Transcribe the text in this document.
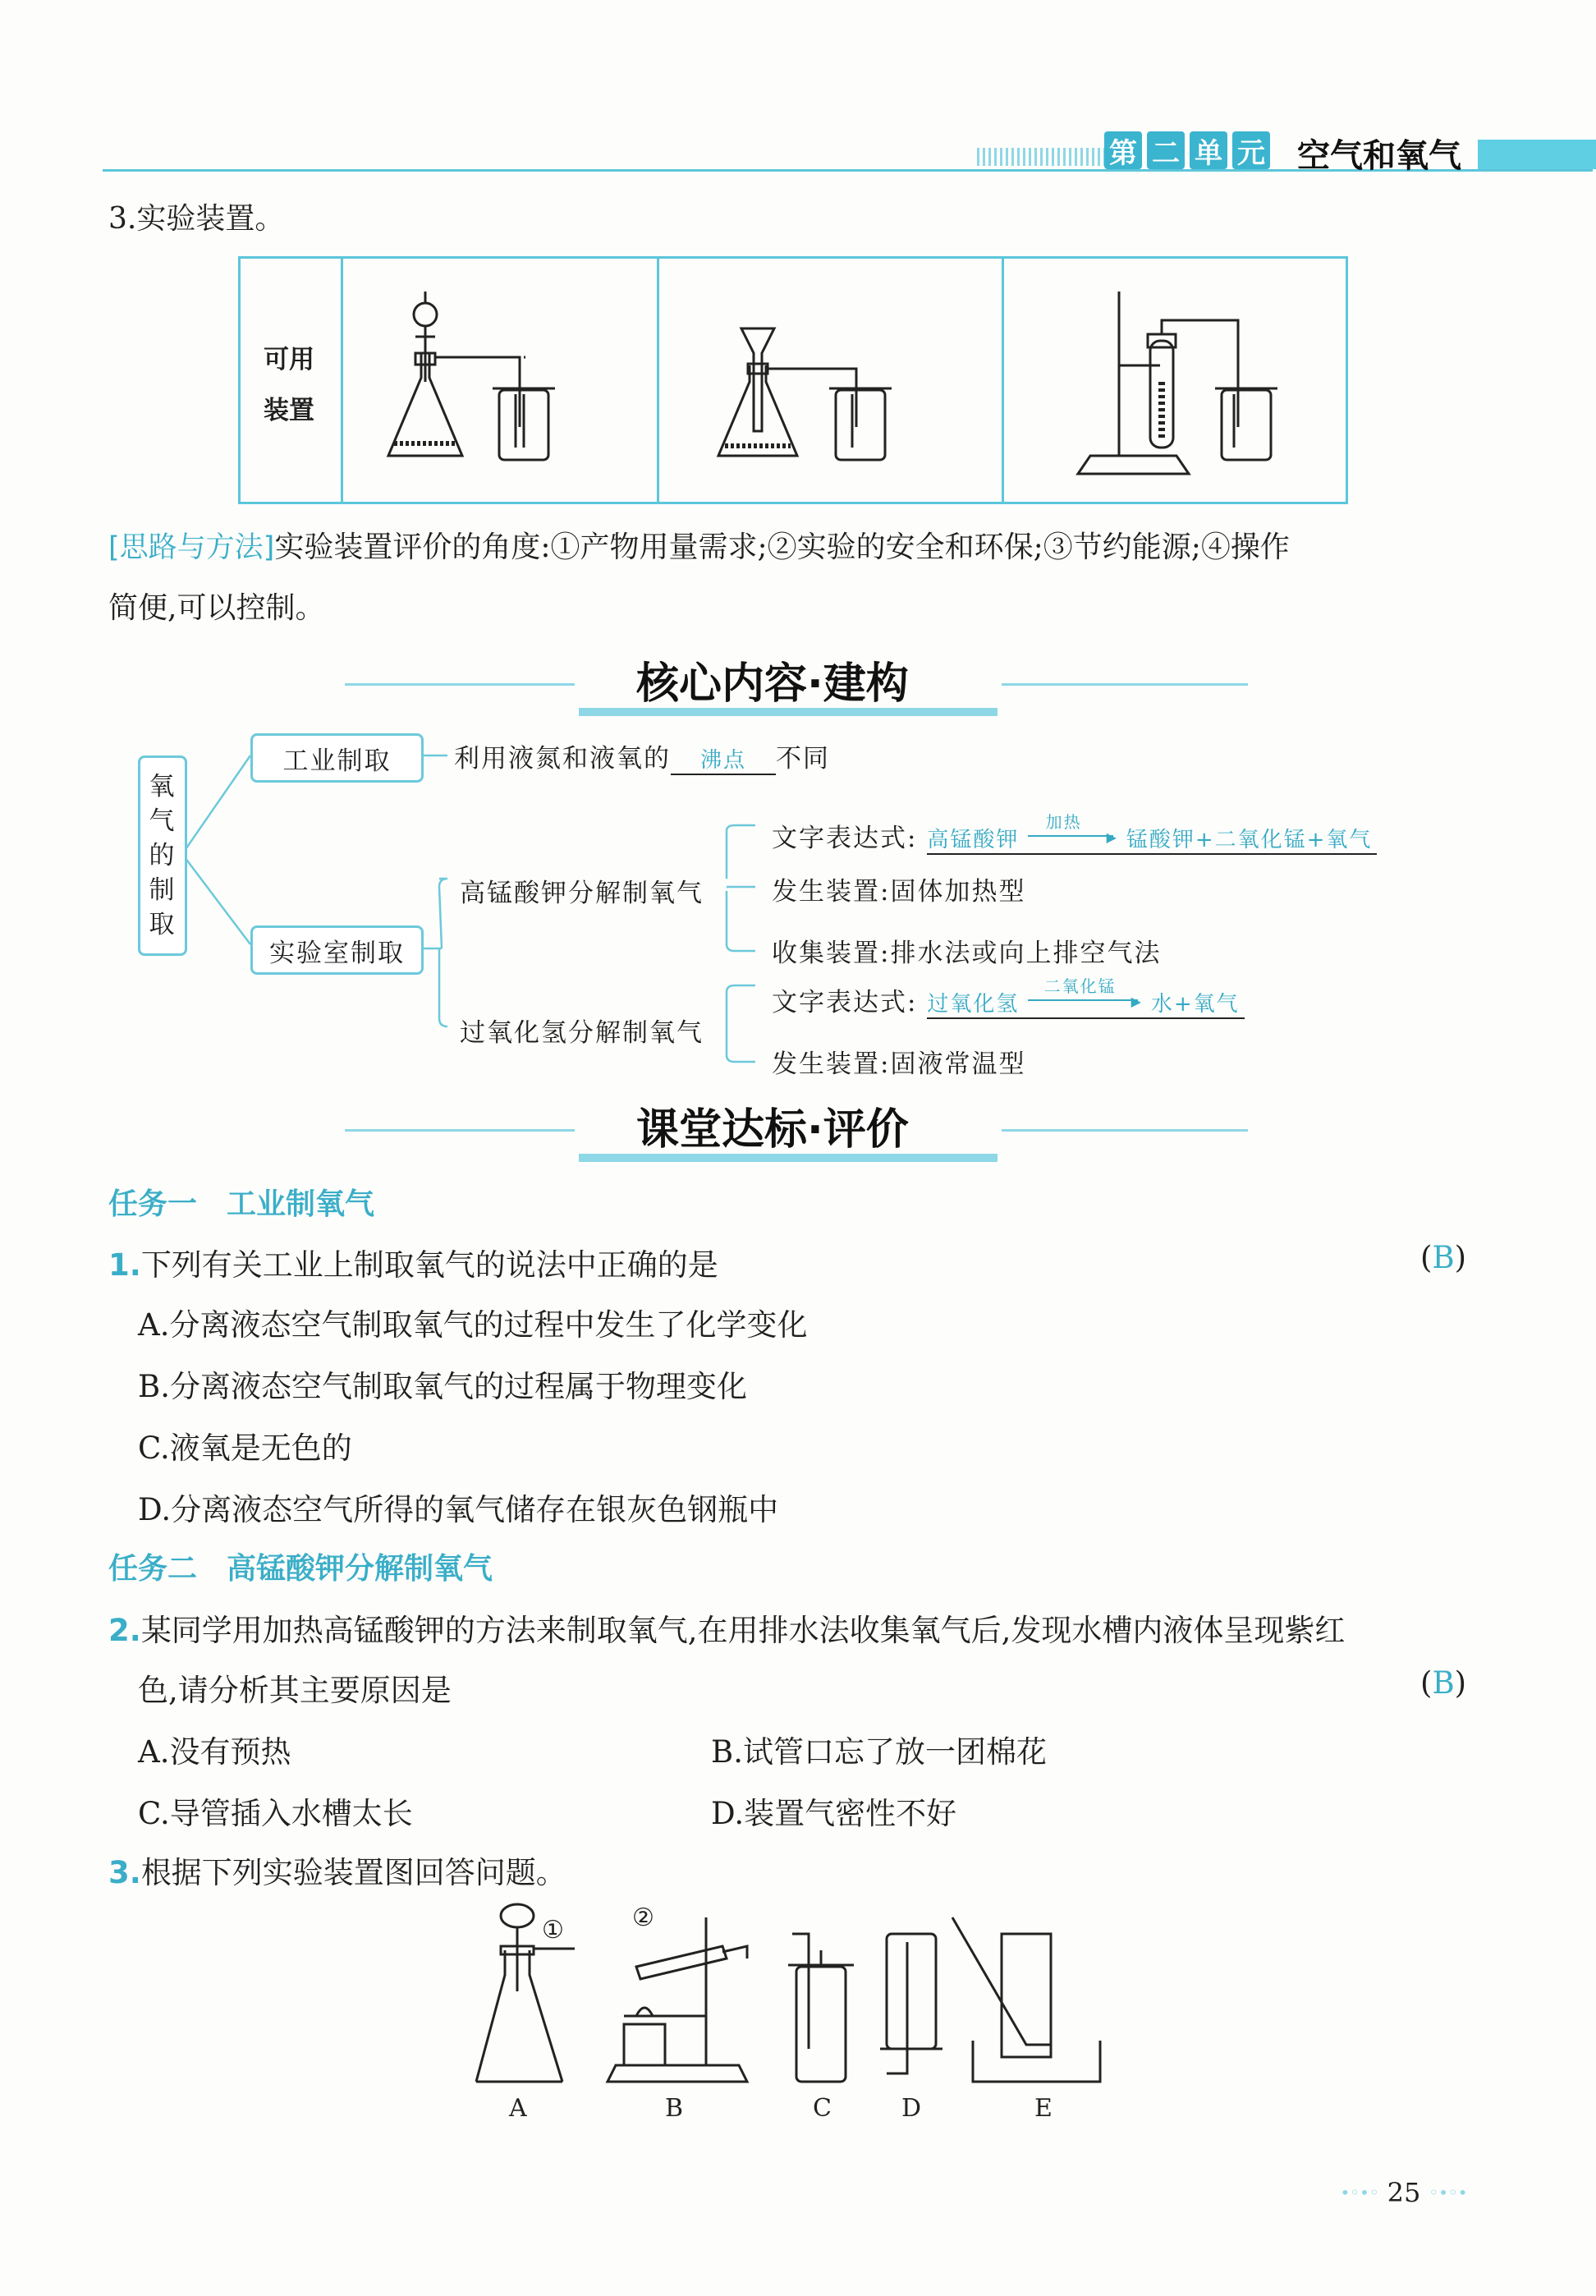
第 二 单 元 空气和氧气
3.实验装置。
可用
装置
[思路与方法]实验装置评价的角度:①产物用量需求;②实验的安全和环保;③节约能源;④操作
简便,可以控制。
核心内容·建构
氧
气
的
制
取
工业制取	利用液氮和液氧的 沸点 不同
实验室制取
高锰酸钾分解制氧气
过氧化氢分解制氧气
文字表达式: 高锰酸钾
加热
▶ 锰酸钾+二氧化锰+氧气
发生装置:固体加热型
收集装置:排水法或向上排空气法
文字表达式: 过氧化氢
二氧化锰
▶ 水+氧气
发生装置:固液常温型
课堂达标·评价
任务一　工业制氧气
1.下列有关工业上制取氧气的说法中正确的是	(B)
A.分离液态空气制取氧气的过程中发生了化学变化
B.分离液态空气制取氧气的过程属于物理变化
C.液氧是无色的
D.分离液态空气所得的氧气储存在银灰色钢瓶中
任务二　高锰酸钾分解制氧气
2.某同学用加热高锰酸钾的方法来制取氧气,在用排水法收集氧气后,发现水槽内液体呈现紫红
色,请分析其主要原因是	(B)
A.没有预热	B.试管口忘了放一团棉花
C.导管插入水槽太长	D.装置气密性不好
3.根据下列实验装置图回答问题。
①	②
A	B	C	D	E
•◦•◦ 25 ◦•◦•
